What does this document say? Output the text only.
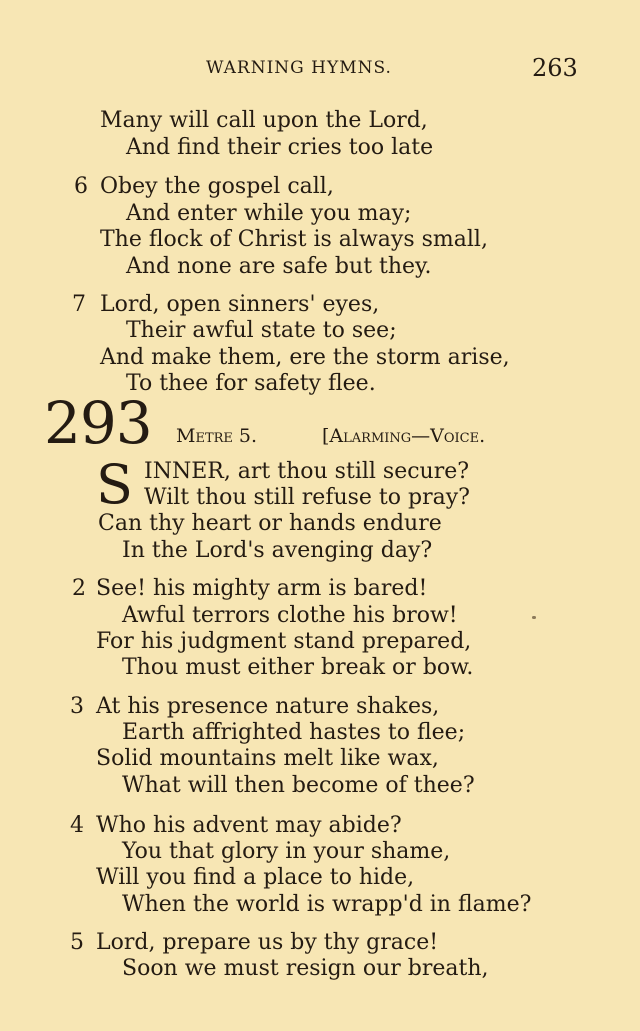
WARNING HYMNS.	263
Many will call upon the Lord,
And find their cries too late
6 Obey the gospel call,
And enter while you may;
The flock of Christ is always small,
And none are safe but they.
7 Lord, open sinners' eyes,
Their awful state to see;
And make them, ere the storm arise,
To thee for safety flee.
293 Metre 5.	[Alarming—Voice.
S INNER, art thou still secure?
Wilt thou still refuse to pray?
Can thy heart or hands endure
In the Lord's avenging day?
2 See! his mighty arm is bared!
Awful terrors clothe his brow!
For his judgment stand prepared,
Thou must either break or bow.
3 At his presence nature shakes,
Earth affrighted hastes to flee;
Solid mountains melt like wax,
What will then become of thee?
4 Who his advent may abide?
You that glory in your shame,
Will you find a place to hide,
When the world is wrapp'd in flame?
5 Lord, prepare us by thy grace!
Soon we must resign our breath,
